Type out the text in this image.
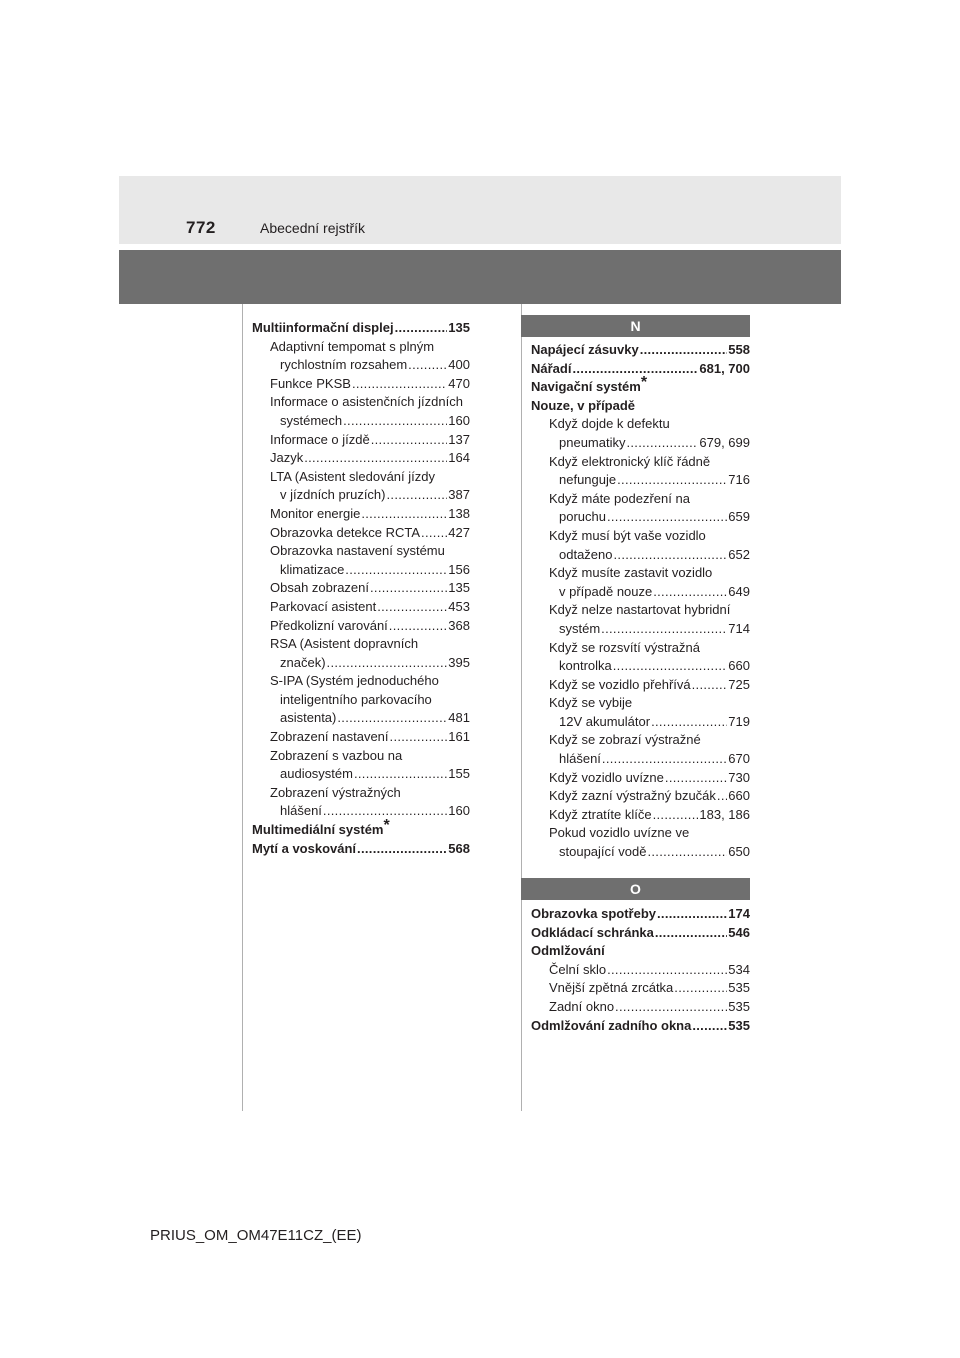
772	Abecední rejstřík
Multiinformační displej .....	135
Adaptivní tempomat s plným
rychlostním rozsahem .....	400
Funkce PKSB .....	470
Informace o asistenčních jízdních
systémech .....	160
Informace o jízdě .....	137
Jazyk .....	164
LTA (Asistent sledování jízdy
v jízdních pruzích) .....	387
Monitor energie .....	138
Obrazovka detekce RCTA ..... 427
Obrazovka nastavení systému
klimatizace .....	156
Obsah zobrazení .....	135
Parkovací asistent .....	453
Předkolizní varování .....	368
RSA (Asistent dopravních
značek) .....	395
S-IPA (Systém jednoduchého
inteligentního parkovacího
asistenta) .....	481
Zobrazení nastavení .....	161
Zobrazení s vazbou na
audiosystém .....	155
Zobrazení výstražných
hlášení .....	160
Multimediální systém*
Mytí a voskování .....	568
N
Napájecí zásuvky .....	558
Nářadí .....	681, 700
Navigační systém*
Nouze, v případě
Když dojde k defektu
pneumatiky .....	679, 699
Když elektronický klíč řádně
nefunguje .....	716
Když máte podezření na
poruchu .....	659
Když musí být vaše vozidlo
odtaženo .....	652
Když musíte zastavit vozidlo
v případě nouze .....	649
Když nelze nastartovat hybridní
systém .....	714
Když se rozsvítí výstražná
kontrolka .....	660
Když se vozidlo přehřívá .....	725
Když se vybije
12V akumulátor .....	719
Když se zobrazí výstražné
hlášení .....	670
Když vozidlo uvízne .....	730
Když zazní výstražný bzučák ..... 660
Když ztratíte klíče .....	183, 186
Pokud vozidlo uvízne ve
stoupající vodě .....	650
O
Obrazovka spotřeby .....	174
Odkládací schránka .....	546
Odmlžování
Čelní sklo .....	534
Vnější zpětná zrcátka .....	535
Zadní okno .....	535
Odmlžování zadního okna .....	535
PRIUS_OM_OM47E11CZ_(EE)
